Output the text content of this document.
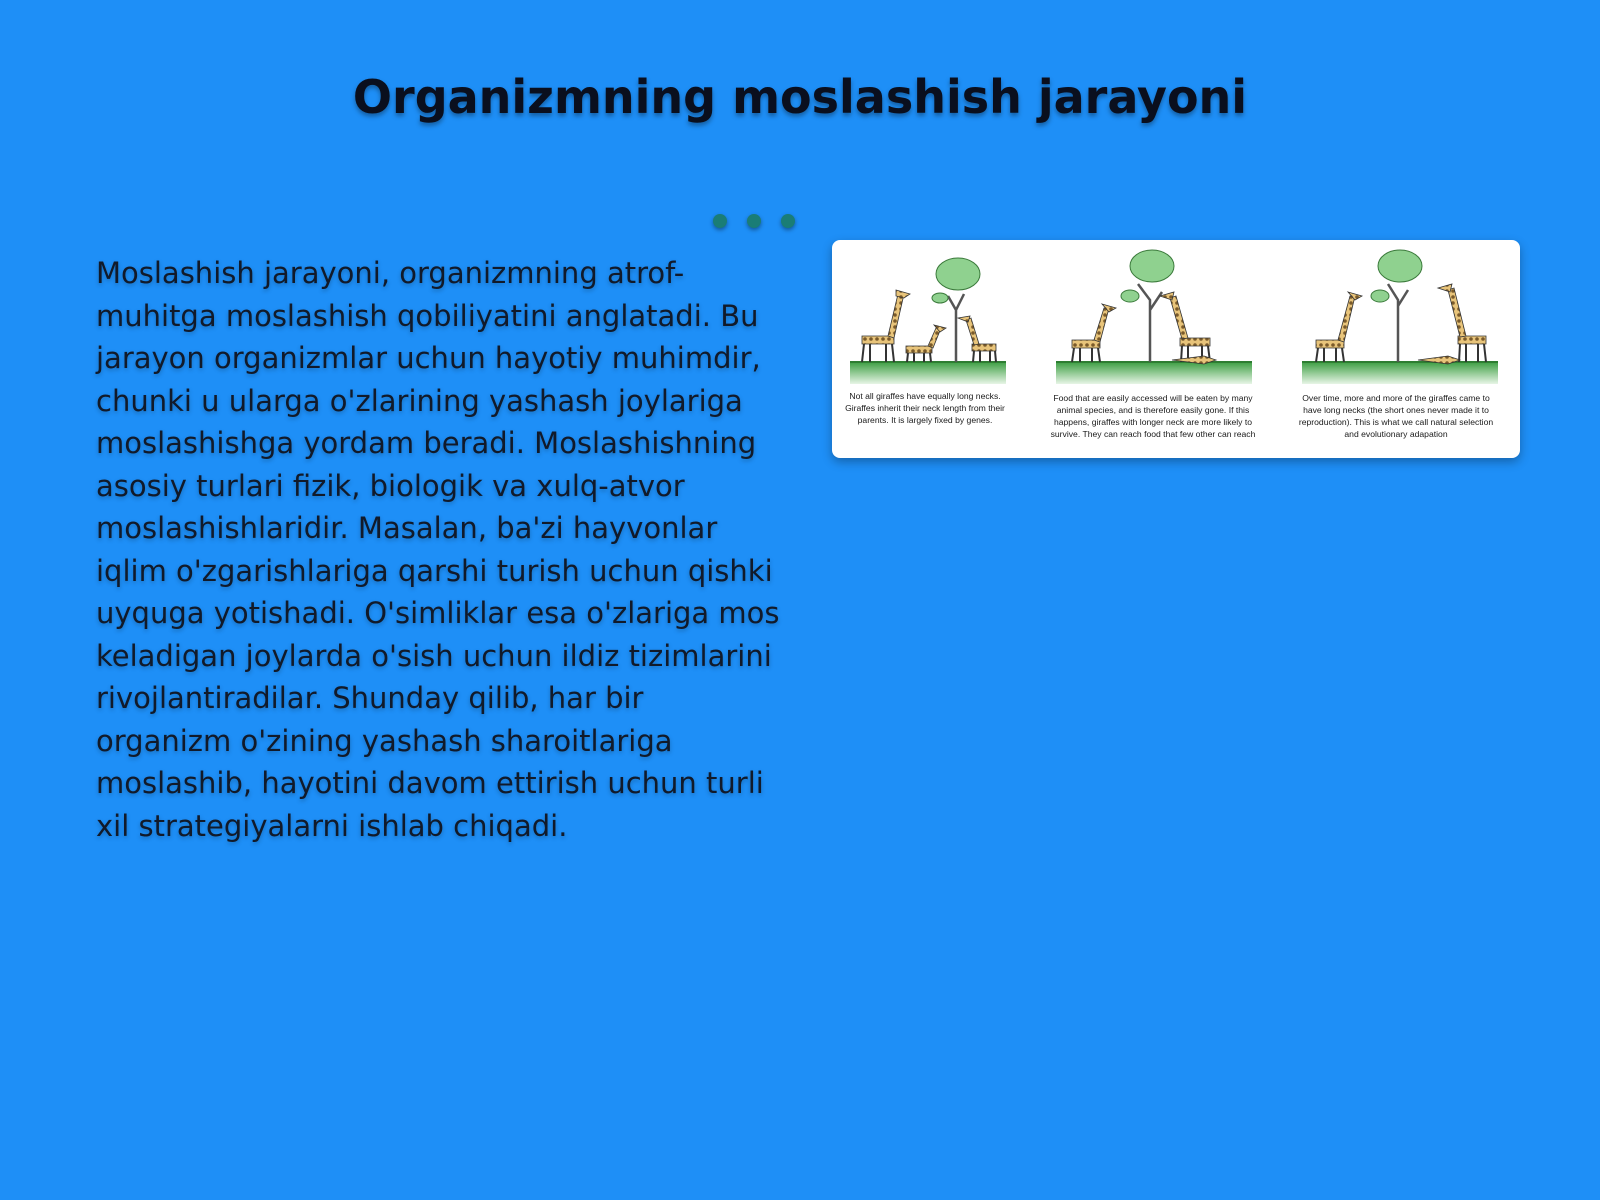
Organizmning moslashish jarayoni

Moslashish jarayoni, organizmning atrof-muhitga moslashish qobiliyatini anglatadi. Bu jarayon organizmlar uchun hayotiy muhimdir, chunki u ularga o'zlarining yashash joylariga moslashishga yordam beradi. Moslashishning asosiy turlari fizik, biologik va xulq-atvor moslashishlaridir. Masalan, ba'zi hayvonlar iqlim o'zgarishlariga qarshi turish uchun qishki uyquga yotishadi. O'simliklar esa o'zlariga mos keladigan joylarda o'sish uchun ildiz tizimlarini rivojlantiradilar. Shunday qilib, har bir organizm o'zining yashash sharoitlariga moslashib, hayotini davom ettirish uchun turli xil strategiyalarni ishlab chiqadi.

Not all giraffes have equally long necks. Giraffes inherit their neck length from their parents. It is largely fixed by genes.
Food that are easily accessed will be eaten by many animal species, and is therefore easily gone. If this happens, giraffes with longer neck are more likely to survive. They can reach food that few other can reach
Over time, more and more of the giraffes came to have long necks (the short ones never made it to reproduction). This is what we call natural selection and evolutionary adapation
